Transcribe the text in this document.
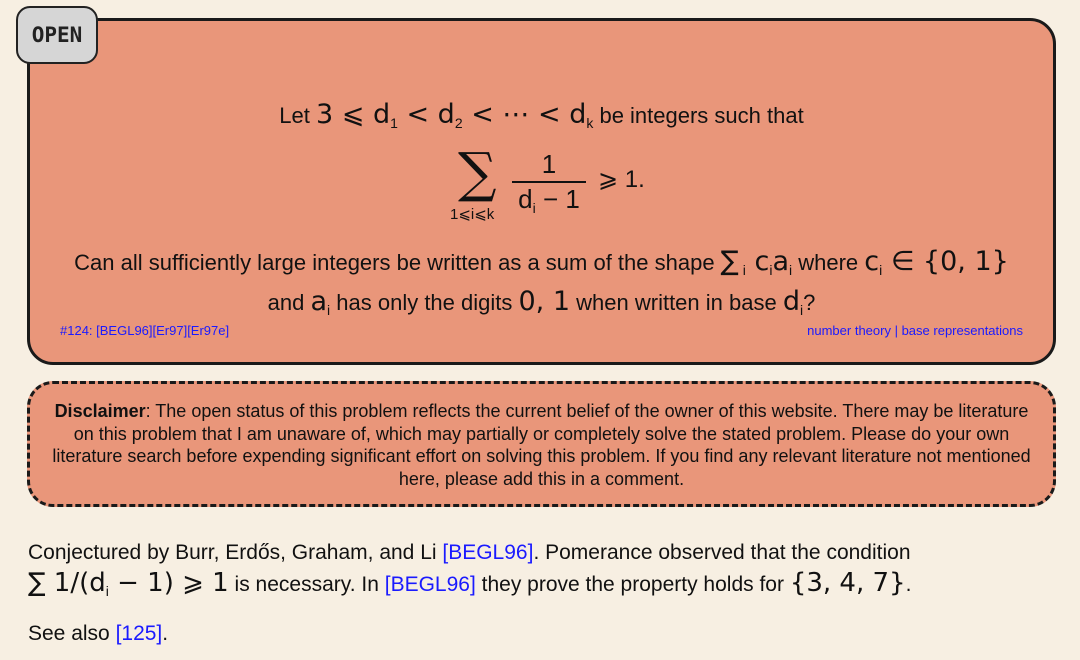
OPEN
Let 3 ⩽ $d_1 < d_2$ < ⋯ < $d_k$ be integers such that
∑
1⩽i⩽k
1
$d_i - 1$
⩾ 1.
Can all sufficiently large integers be written as a sum of the shape ∑ $_i$ $c_ia_i$ where $c_i$ ∈ {0, 1}
and $a_i$ has only the digits 0, 1 when written in base $d_i$?
#124: [BEGL96][Er97][Er97e]	number theory | base representations
Disclaimer: The open status of this problem reflects the current belief of the owner of this website. There may be literature on this problem that I am unaware of, which may partially or completely solve the stated problem. Please do your own literature search before expending significant effort on solving this problem. If you find any relevant literature not mentioned here, please add this in a comment.
Conjectured by Burr, Erdős, Graham, and Li [BEGL96]. Pomerance observed that the condition
∑ $1/(d_i - 1)$ ⩾ 1 is necessary. In [BEGL96] they prove the property holds for {3, 4, 7}.
See also [125].
